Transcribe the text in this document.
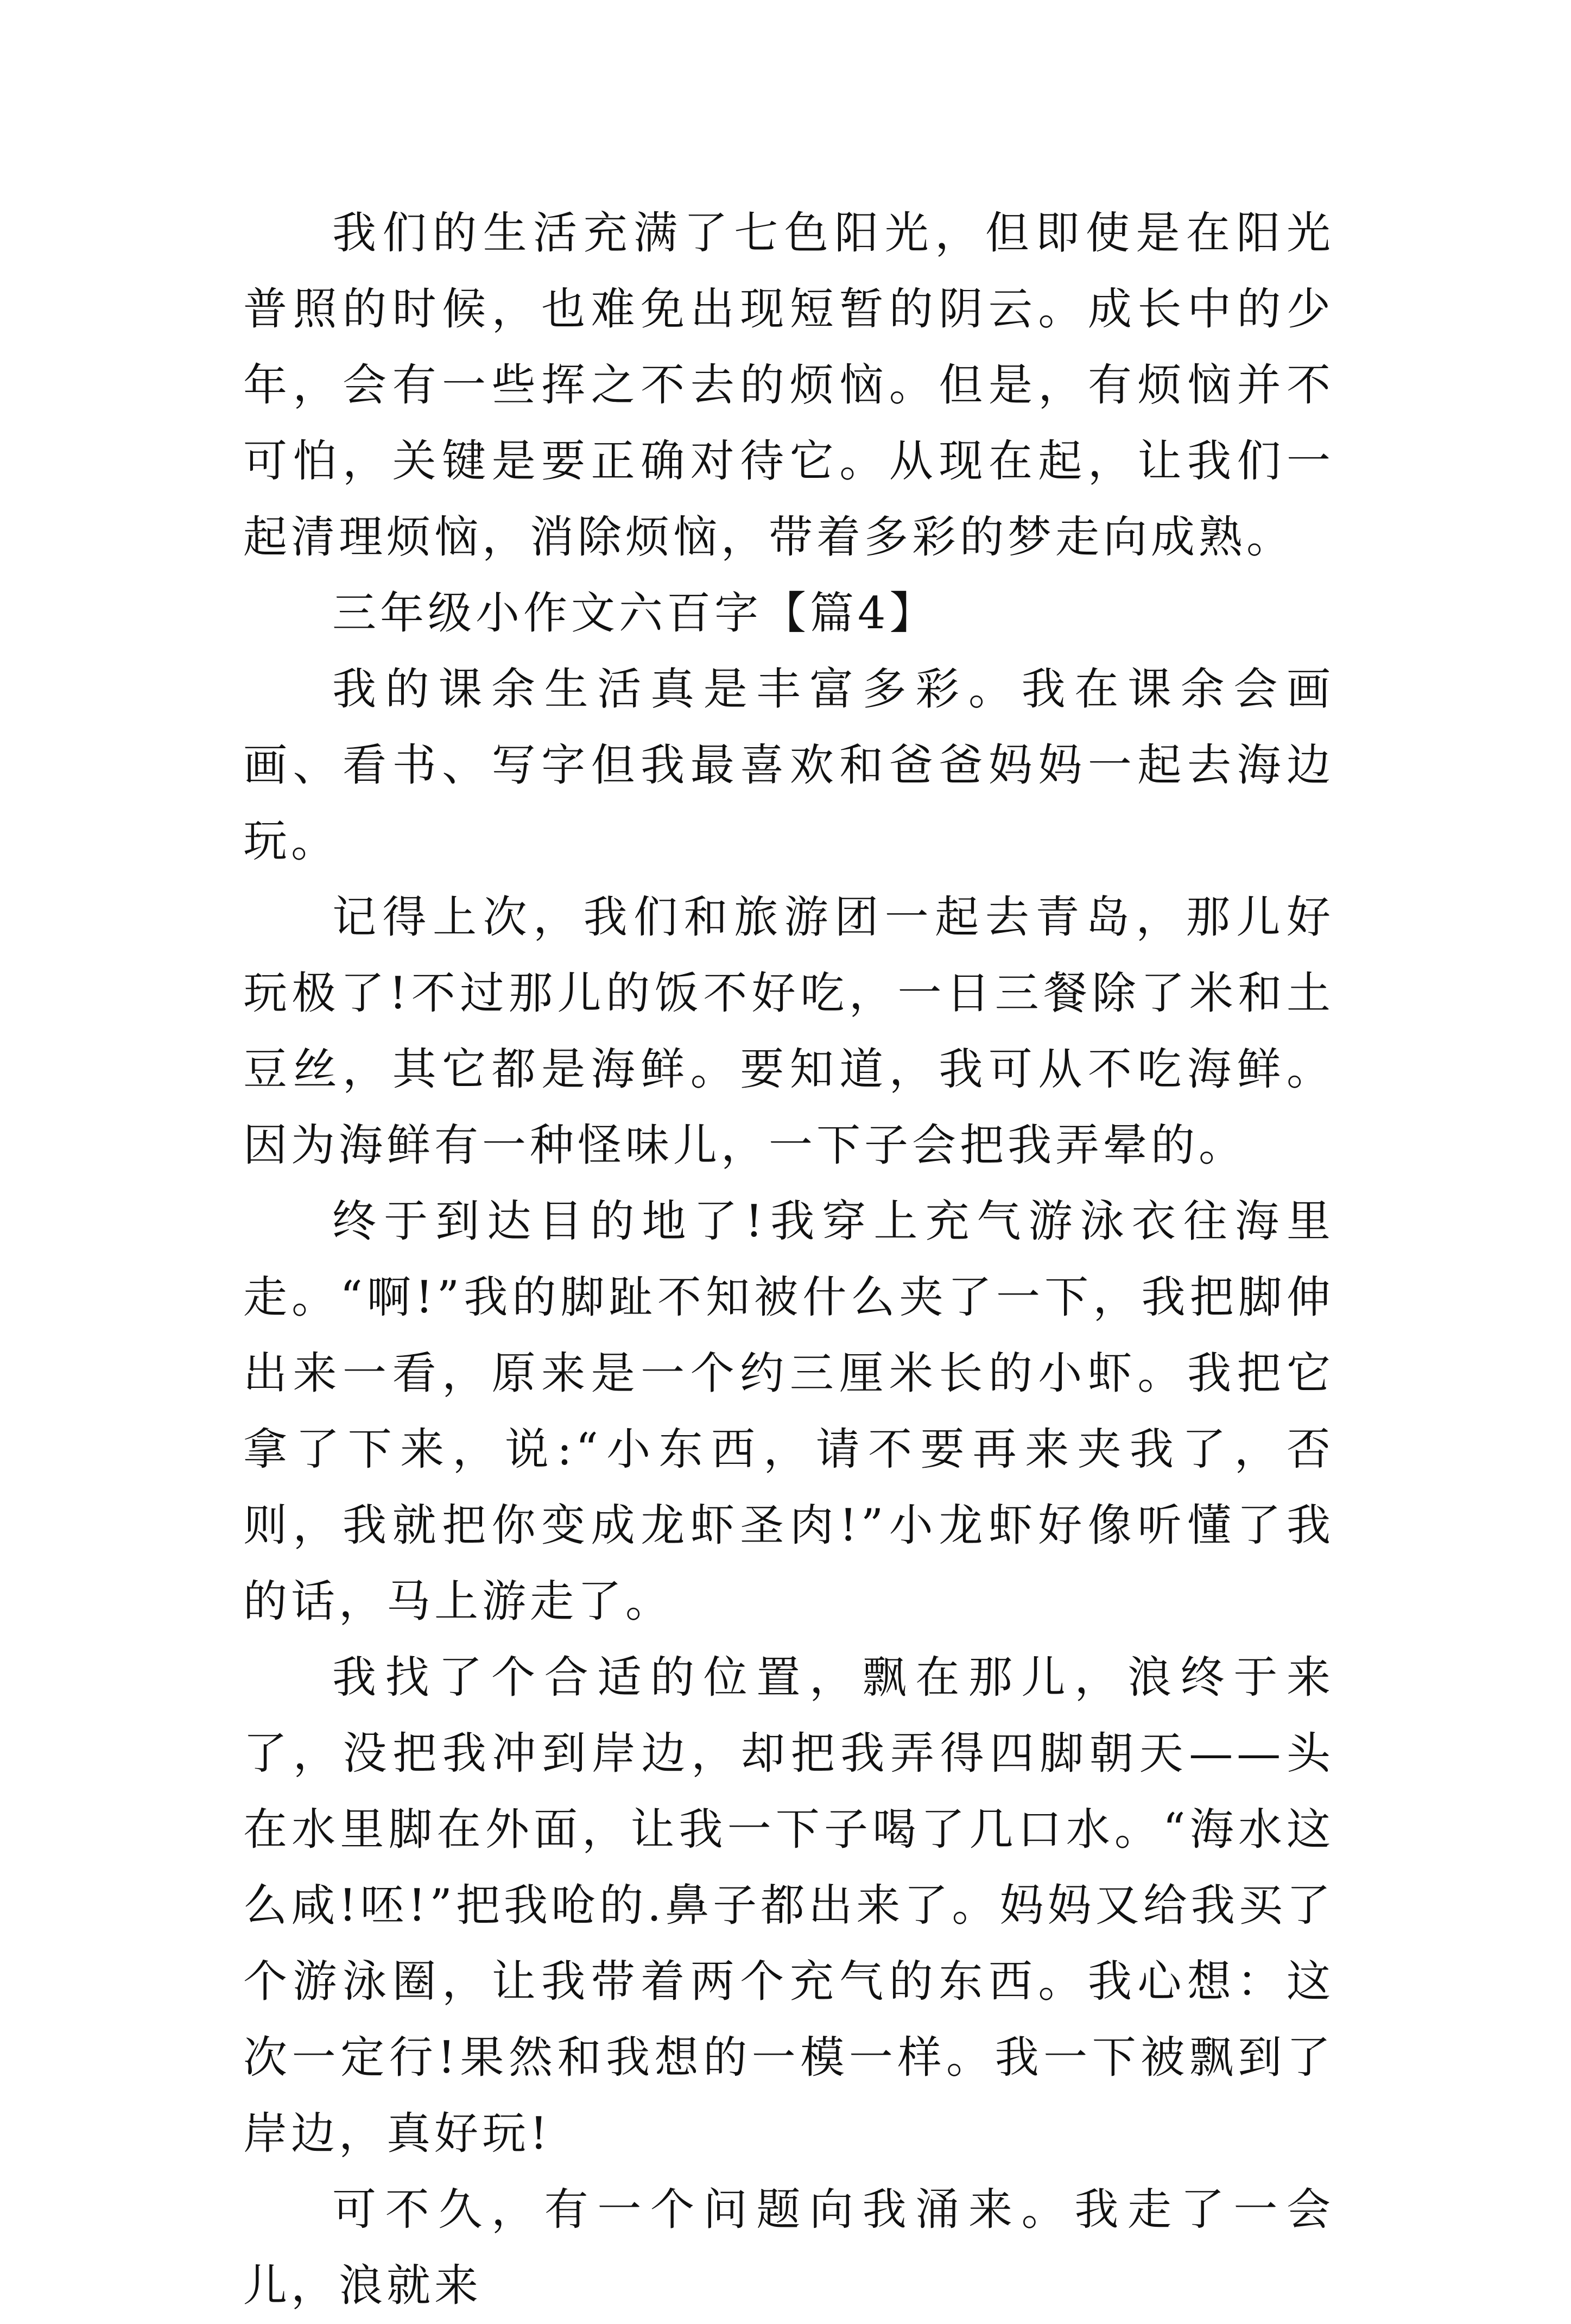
我们的生活充满了七色阳光，但即使是在阳光普照的时候，也难免出现短暂的阴云。成长中的少年，会有一些挥之不去的烦恼。但是，有烦恼并不可怕，关键是要正确对待它。从现在起，让我们一起清理烦恼，消除烦恼，带着多彩的梦走向成熟。

三年级小作文六百字【篇4】

我的课余生活真是丰富多彩。我在课余会画画、看书、写字但我最喜欢和爸爸妈妈一起去海边玩。

记得上次，我们和旅游团一起去青岛，那儿好玩极了!不过那儿的饭不好吃，一日三餐除了米和土豆丝，其它都是海鲜。要知道，我可从不吃海鲜。因为海鲜有一种怪味儿，一下子会把我弄晕的。

终于到达目的地了!我穿上充气游泳衣往海里走。“啊!”我的脚趾不知被什么夹了一下，我把脚伸出来一看，原来是一个约三厘米长的小虾。我把它拿了下来，说:“小东西，请不要再来夹我了，否则，我就把你变成龙虾圣肉!”小龙虾好像听懂了我的话，马上游走了。

我找了个合适的位置，飘在那儿，浪终于来了，没把我冲到岸边，却把我弄得四脚朝天——头在水里脚在外面，让我一下子喝了几口水。“海水这么咸!呸!”把我呛的.鼻子都出来了。妈妈又给我买了个游泳圈，让我带着两个充气的东西。我心想：这次一定行!果然和我想的一模一样。我一下被飘到了岸边，真好玩!

可不久，有一个问题向我涌来。我走了一会儿，浪就来
